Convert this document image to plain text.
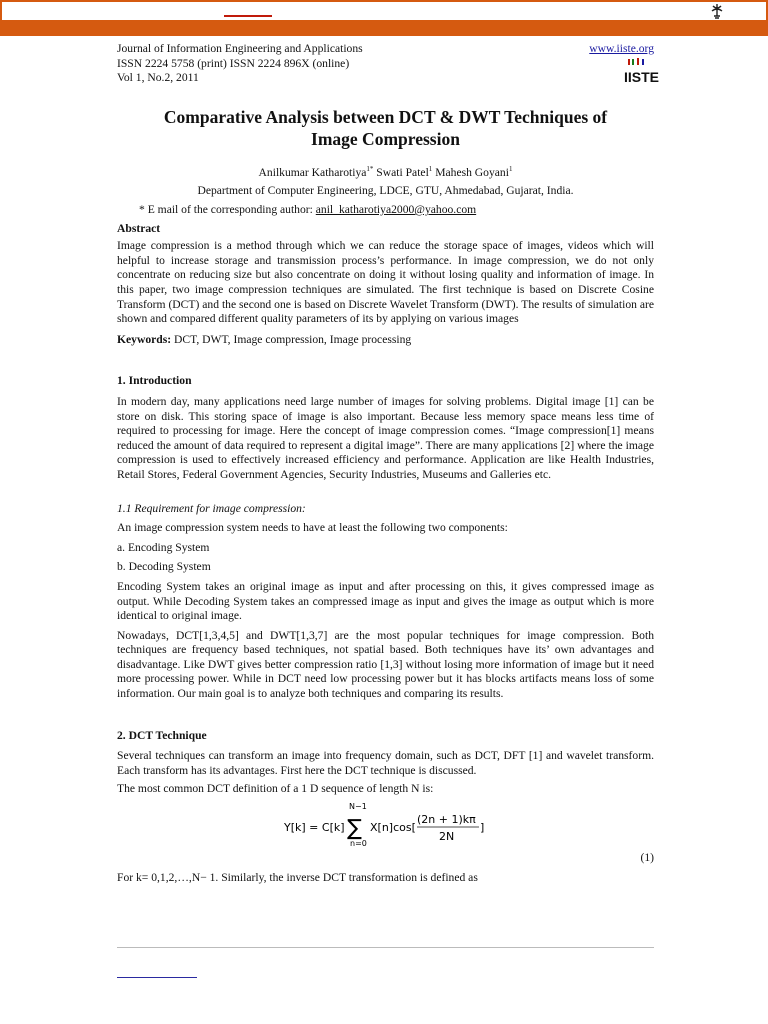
Journal of Information Engineering and Applications
ISSN 2224 5758 (print) ISSN 2224 896X (online)
Vol 1, No.2, 2011
www.iiste.org
IISTE
Comparative Analysis between DCT & DWT Techniques of
Image Compression
Anilkumar Katharotiya$^{1*}$ Swati Patel$^1$ Mahesh Goyani$^1$
Department of Computer Engineering, LDCE, GTU, Ahmedabad, Gujarat, India.
* E mail of the corresponding author: anil_katharotiya2000@yahoo.com
Abstract

Image compression is a method through which we can reduce the storage space of images, videos which will helpful to increase storage and transmission process’s performance. In image compression, we do not only concentrate on reducing size but also concentrate on doing it without losing quality and information of image. In this paper, two image compression techniques are simulated. The first technique is based on Discrete Cosine Transform (DCT) and the second one is based on Discrete Wavelet Transform (DWT). The results of simulation are shown and compared different quality parameters of its by applying on various images

Keywords: DCT, DWT, Image compression, Image processing

1. Introduction

In modern day, many applications need large number of images for solving problems. Digital image [1] can be store on disk. This storing space of image is also important. Because less memory space means less time of required to processing for image. Here the concept of image compression comes. “Image compression[1] means reduced the amount of data required to represent a digital image”. There are many applications [2] where the image compression is used to effectively increased efficiency and performance. Application are like Health Industries, Retail Stores, Federal Government Agencies, Security Industries, Museums and Galleries etc.

1.1 Requirement for image compression:

An image compression system needs to have at least the following two components:

a. Encoding System

b. Decoding System

Encoding System takes an original image as input and after processing on this, it gives compressed image as output. While Decoding System takes an compressed image as input and gives the image as output which is more identical to original image.

Nowadays, DCT[1,3,4,5] and DWT[1,3,7] are the most popular techniques for image compression. Both techniques are frequency based techniques, not spatial based. Both techniques have its’ own advantages and disadvantage. Like DWT gives better compression ratio [1,3] without losing more information of image but it need more processing power. While in DCT need low processing power but it has blocks artifacts means loss of some information. Our main goal is to analyze both techniques and comparing its results.

2. DCT Technique

Several techniques can transform an image into frequency domain, such as DCT, DFT [1] and wavelet transform. Each transform has its advantages. First here the DCT technique is discussed.

The most common DCT definition of a 1 D sequence of length N is:

Y[k] = C[k]
N−1
∑
n=0
X[n]cos[
(2n + 1)kπ
2N
]
(1)

For k= 0,1,2,…,N− 1. Similarly, the inverse DCT transformation is defined as
